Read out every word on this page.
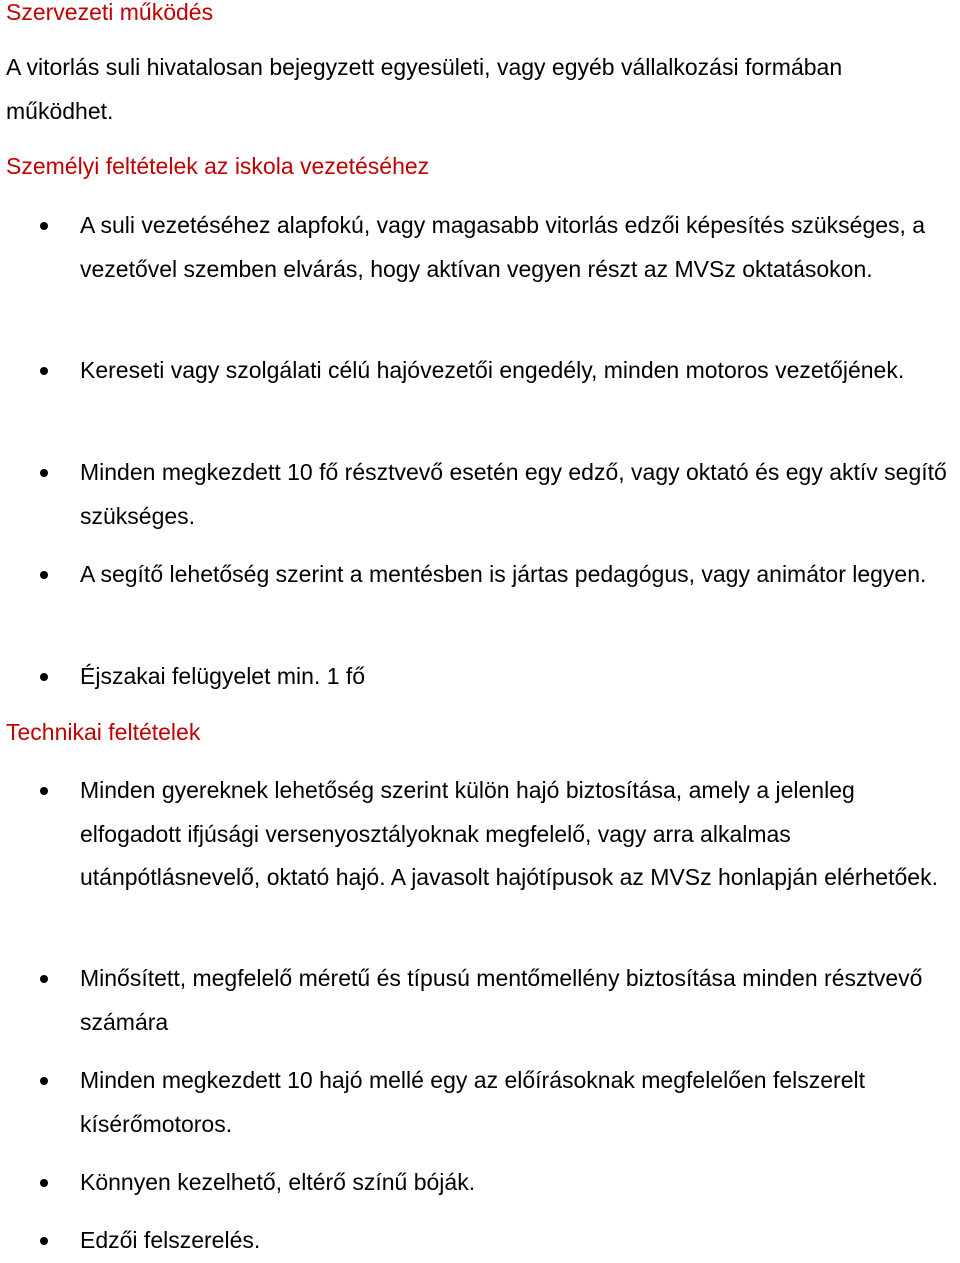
Szervezeti működés

A vitorlás suli hivatalosan bejegyzett egyesületi, vagy egyéb vállalkozási formában működhet.

Személyi feltételek az iskola vezetéséhez

A suli vezetéséhez alapfokú, vagy magasabb vitorlás edzői képesítés szükséges, a vezetővel szemben elvárás, hogy aktívan vegyen részt az MVSz oktatásokon.

Kereseti vagy szolgálati célú hajóvezetői engedély, minden motoros vezetőjének.

Minden megkezdett 10 fő résztvevő esetén egy edző, vagy oktató és egy aktív segítő szükséges.

A segítő lehetőség szerint a mentésben is jártas pedagógus, vagy animátor legyen.

Éjszakai felügyelet min. 1 fő

Technikai feltételek

Minden gyereknek lehetőség szerint külön hajó biztosítása, amely a jelenleg elfogadott ifjúsági versenyosztályoknak megfelelő, vagy arra alkalmas utánpótlásnevelő, oktató hajó. A javasolt hajótípusok az MVSz honlapján elérhetőek.

Minősített, megfelelő méretű és típusú mentőmellény biztosítása minden résztvevő számára

Minden megkezdett 10 hajó mellé egy az előírásoknak megfelelően felszerelt kísérőmotoros.

Könnyen kezelhető, eltérő színű bóják.

Edzői felszerelés.
